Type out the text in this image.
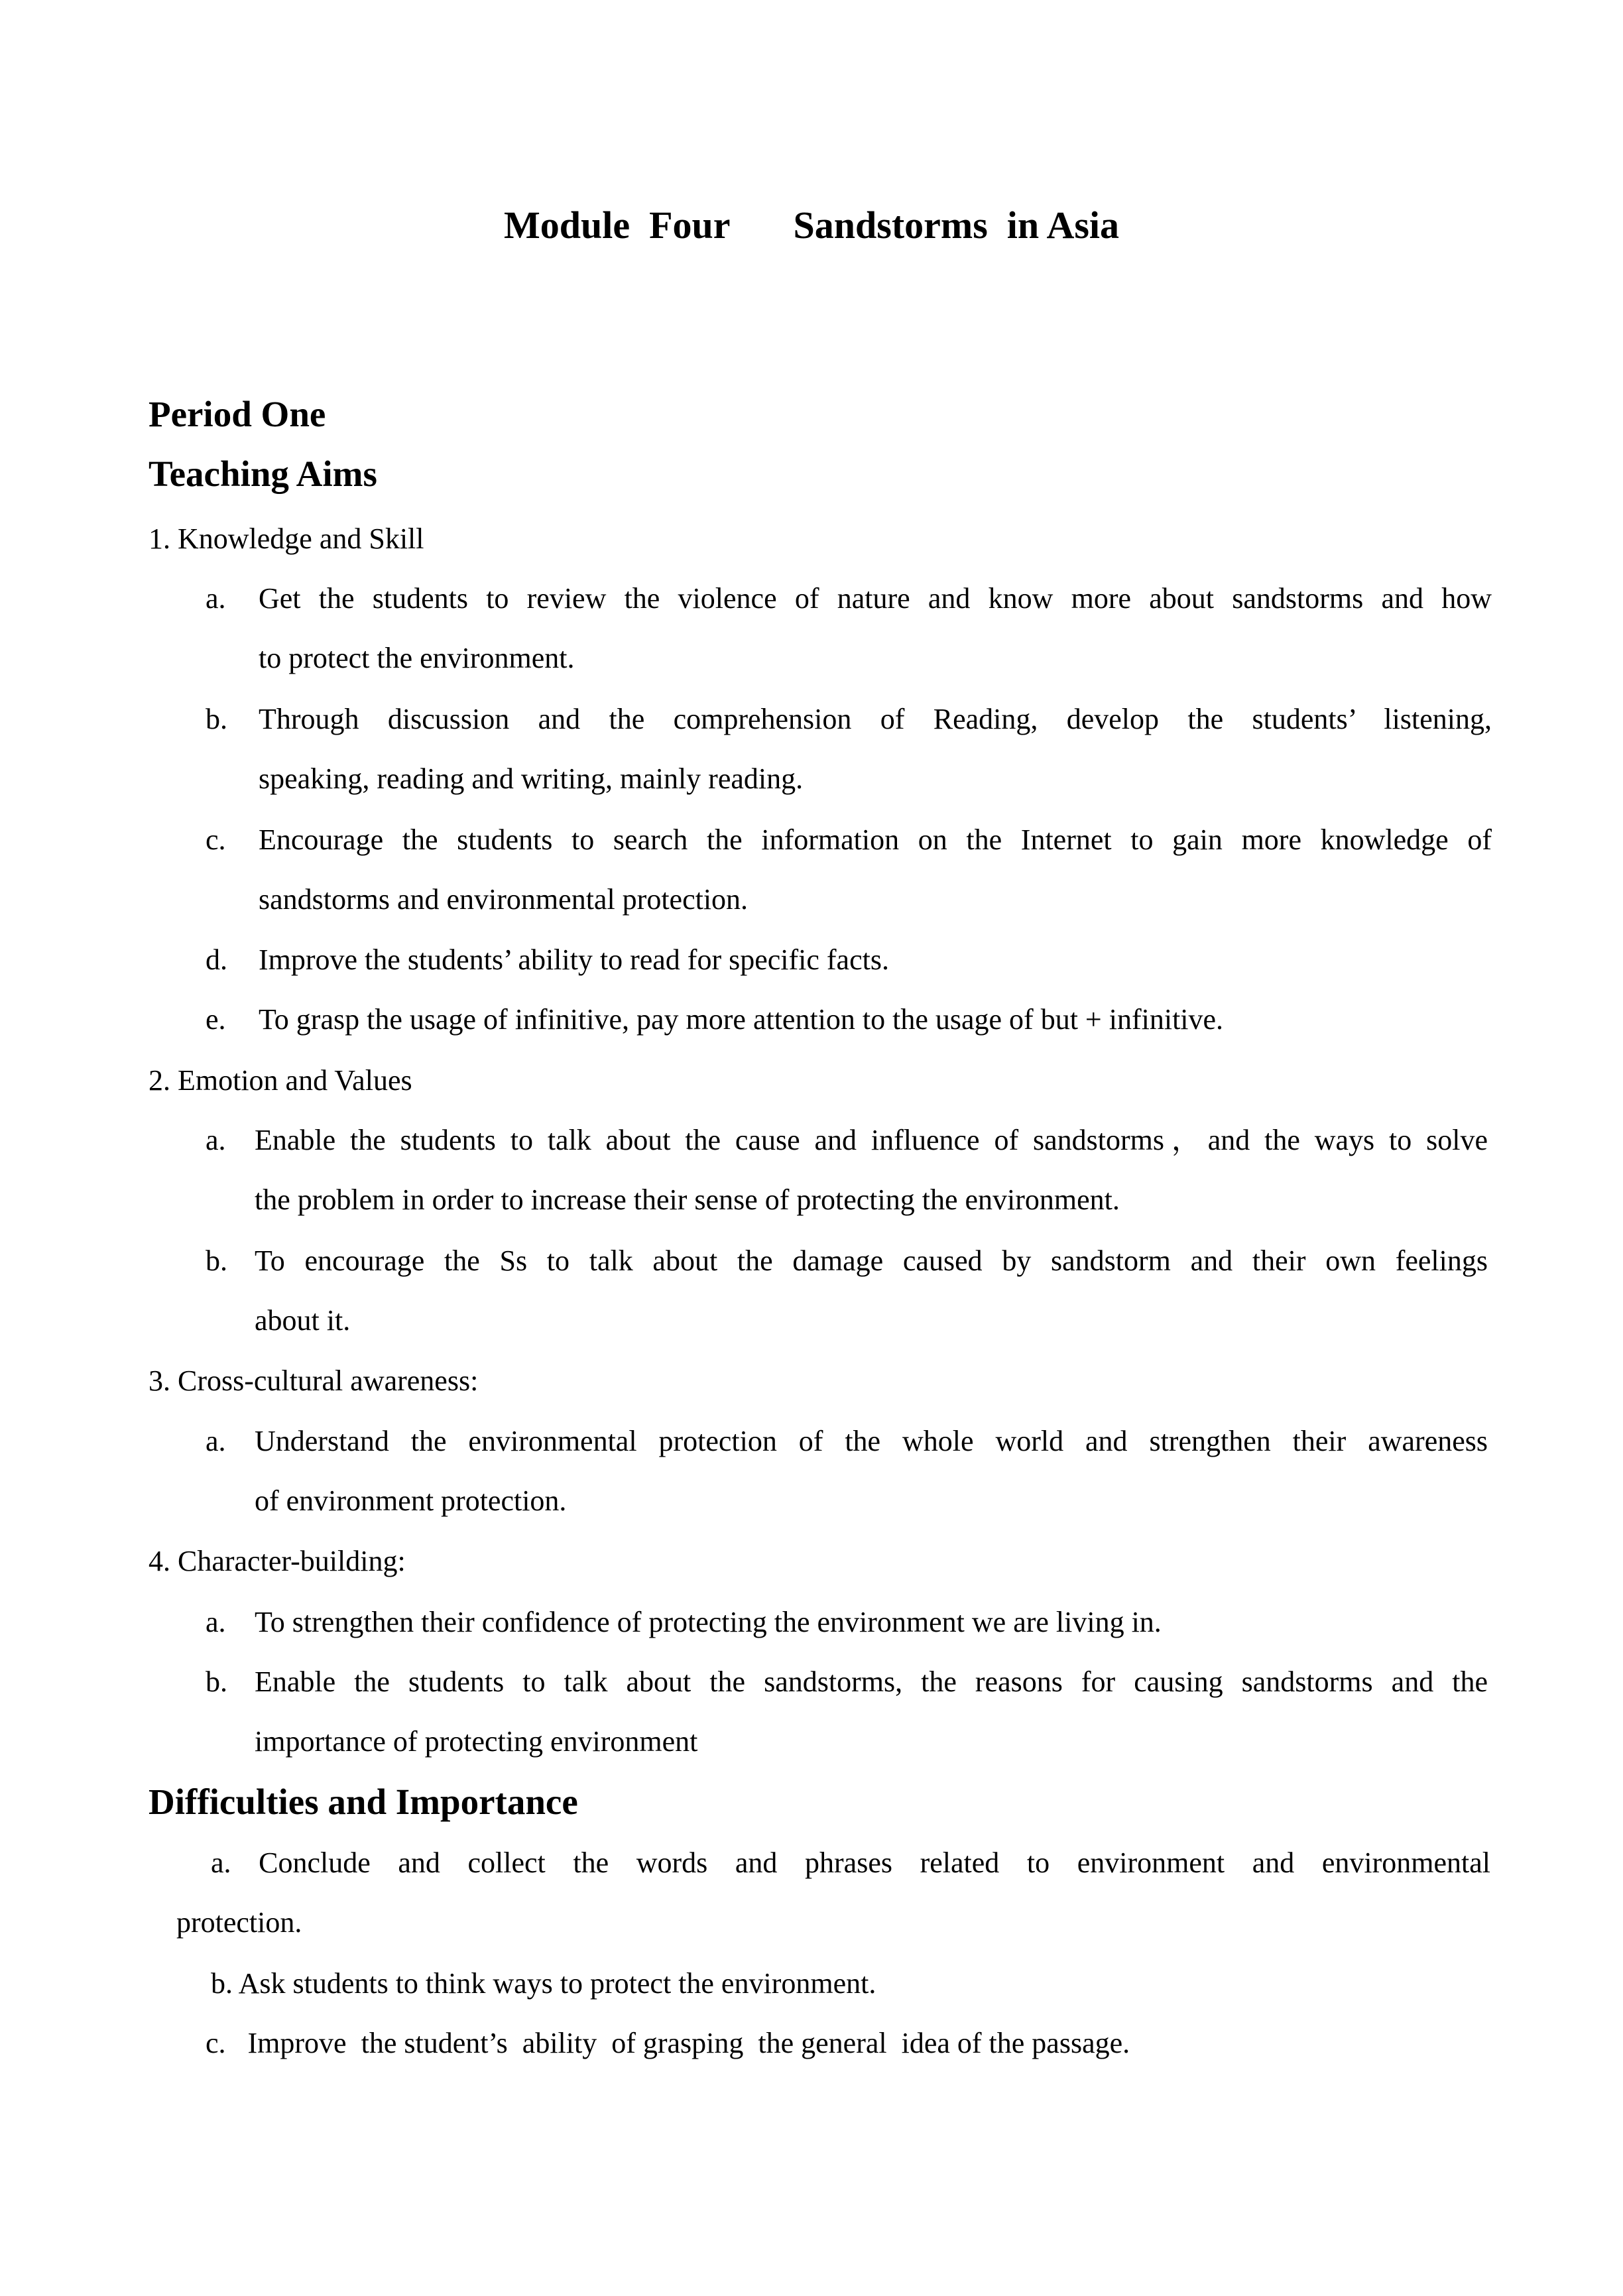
Module  Four Sandstorms  in Asia
Period One
Teaching Aims

1. Knowledge and Skill

a. Get the students to review the violence of nature and know more about sandstorms and how
to protect the environment.
b. Through discussion and the comprehension of Reading, develop the students’ listening,
speaking, reading and writing, mainly reading.
c. Encourage the students to search the information on the Internet to gain more knowledge of
sandstorms and environmental protection.
d. Improve the students’ ability to read for specific facts.
e. To grasp the usage of infinitive, pay more attention to the usage of but + infinitive.

2. Emotion and Values

a. Enable the students to talk about the cause and influence of sandstorms，and the ways to solve
the problem in order to increase their sense of protecting the environment.
b. To encourage the Ss to talk about the damage caused by sandstorm and their own feelings
about it.

3. Cross-cultural awareness:

a. Understand the environmental protection of the whole world and strengthen their awareness
of environment protection.

4. Character-building:

a. To strengthen their confidence of protecting the environment we are living in.
b. Enable the students to talk about the sandstorms, the reasons for causing sandstorms and the
importance of protecting environment
Difficulties and Importance

a. Conclude and collect the words and phrases related to environment and environmental

protection.

b. Ask students to think ways to protect the environment.

c.   Improve  the student’s  ability  of grasping  the general  idea of the passage.
